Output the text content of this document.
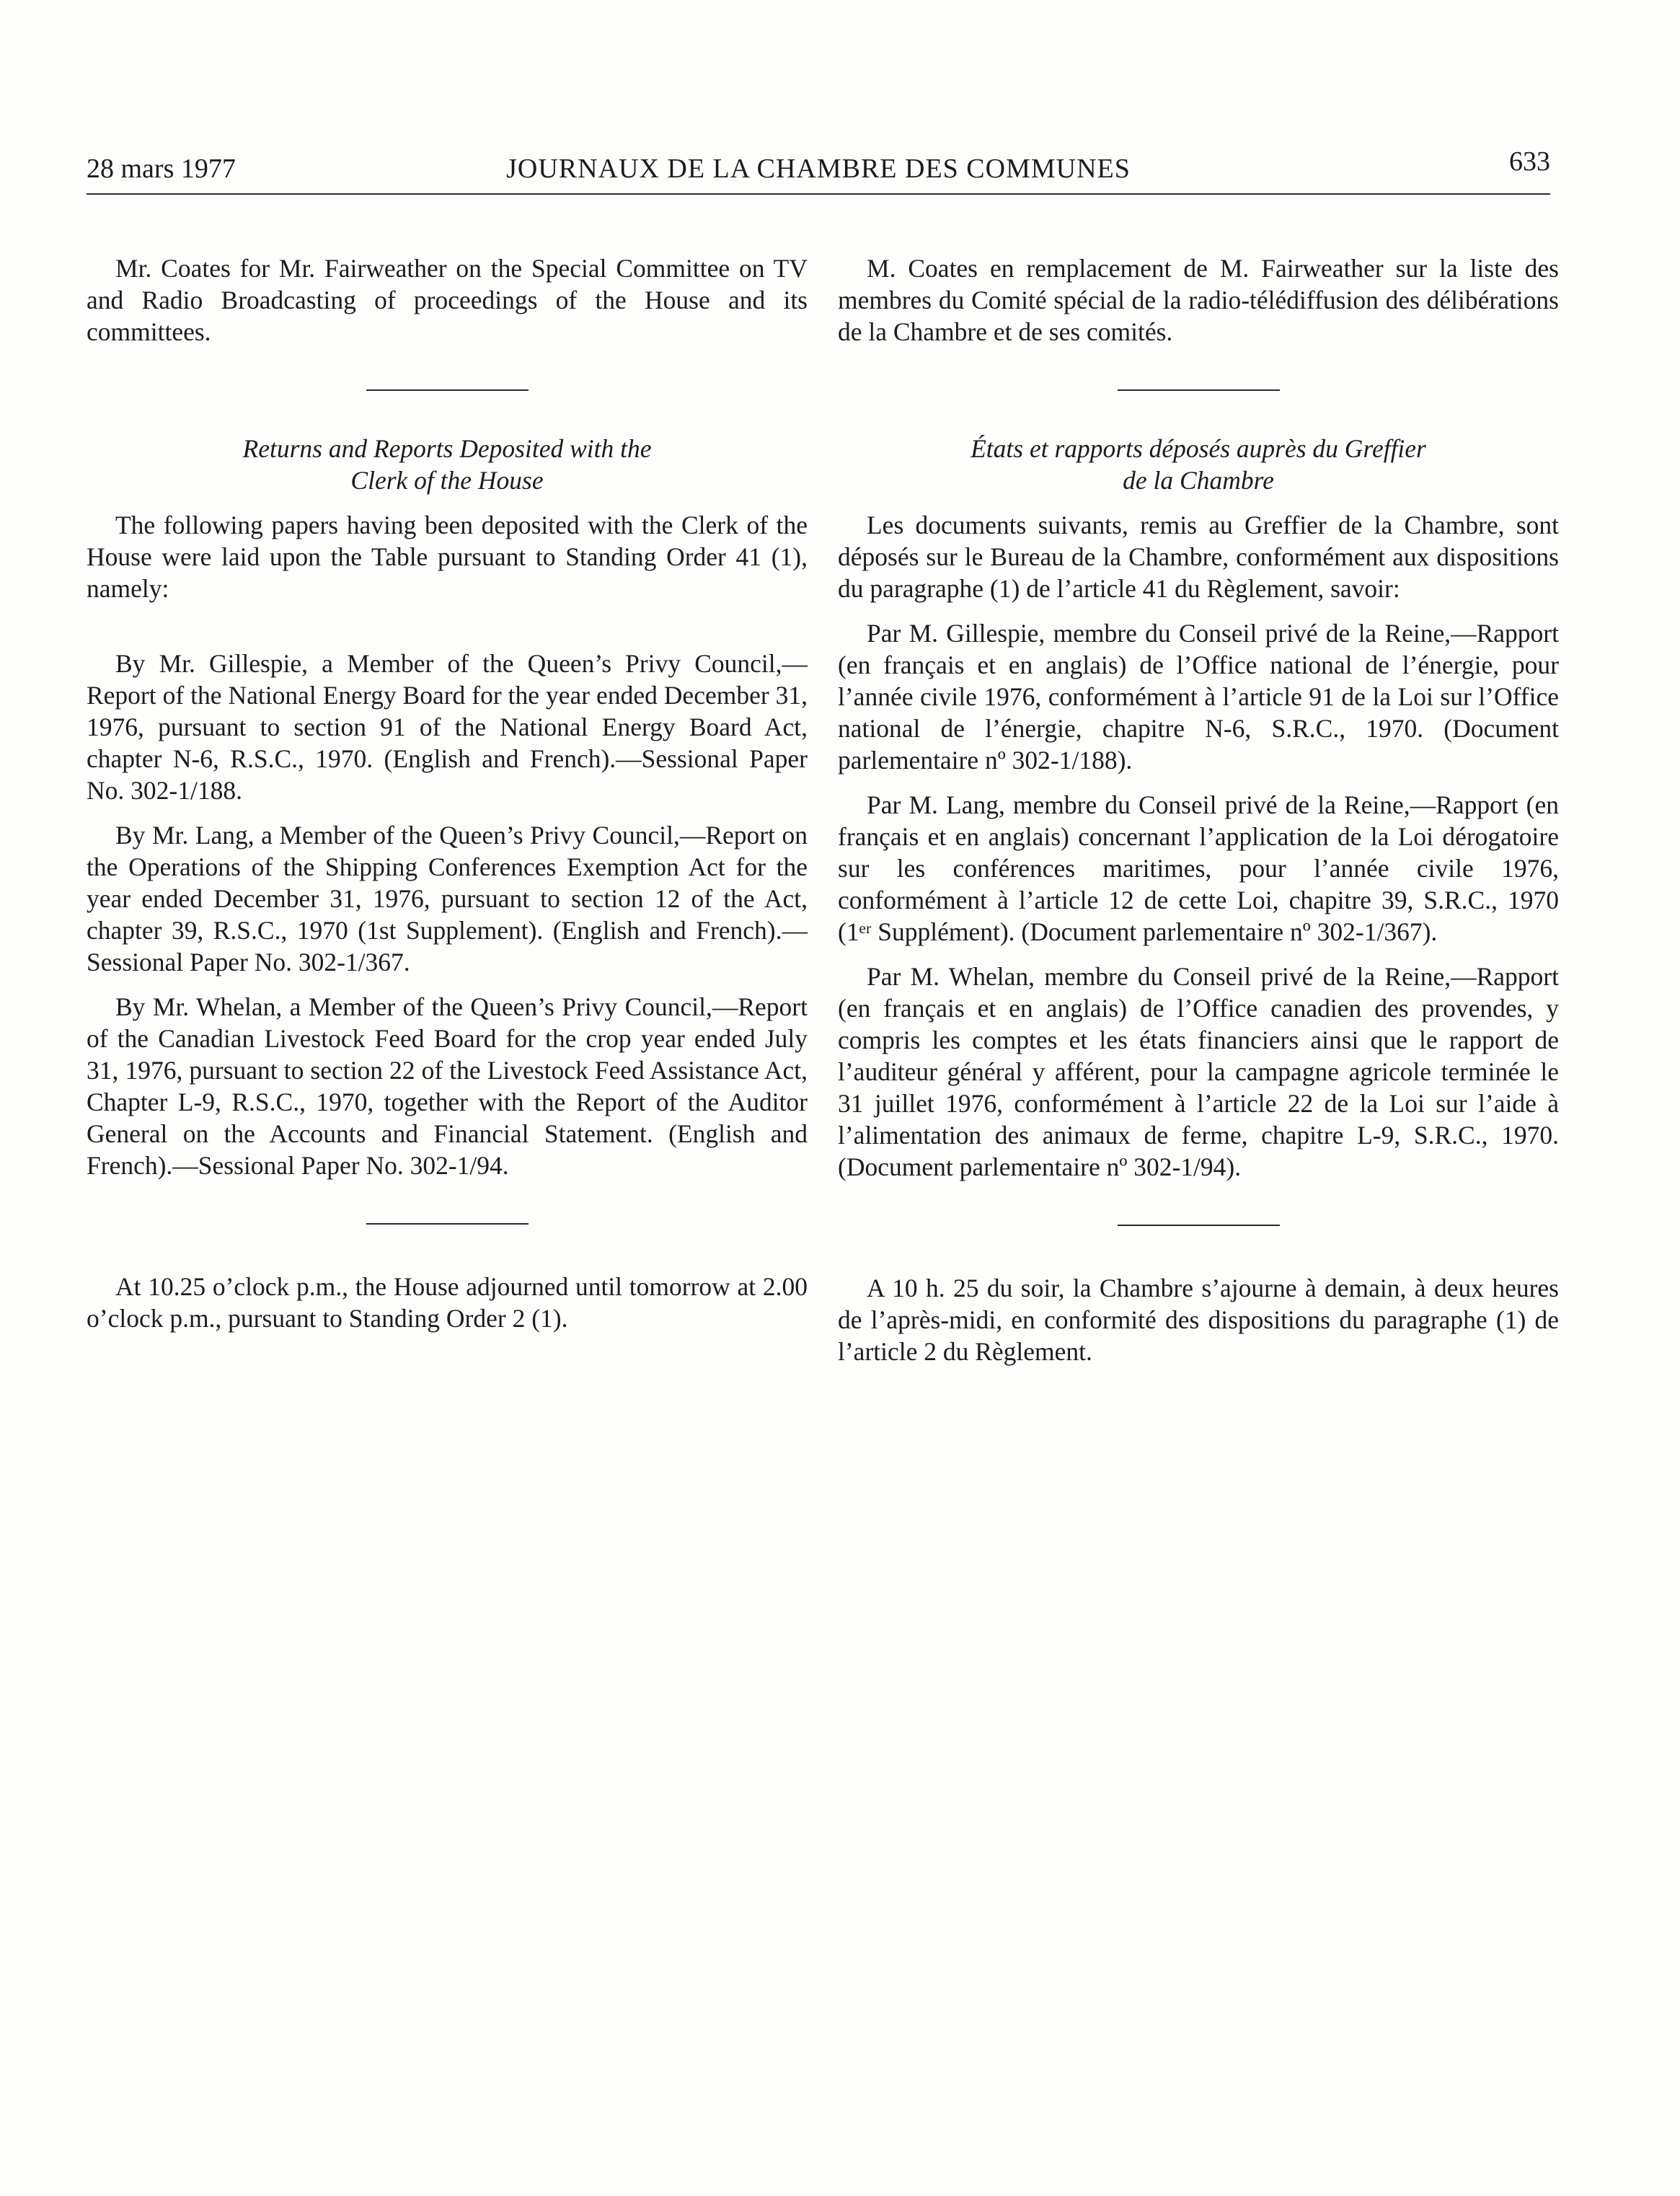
28 mars 1977	JOURNAUX DE LA CHAMBRE DES COMMUNES	633

Mr. Coates for Mr. Fairweather on the Special Committee on TV and Radio Broadcasting of proceedings of the House and its committees.

Returns and Reports Deposited with the
Clerk of the House

The following papers having been deposited with the Clerk of the House were laid upon the Table pursuant to Standing Order 41 (1), namely:

By Mr. Gillespie, a Member of the Queen’s Privy Council,—Report of the National Energy Board for the year ended December 31, 1976, pursuant to section 91 of the National Energy Board Act, chapter N-6, R.S.C., 1970. (English and French).—Sessional Paper No. 302-1/188.

By Mr. Lang, a Member of the Queen’s Privy Council,—Report on the Operations of the Shipping Conferences Exemption Act for the year ended December 31, 1976, pursuant to section 12 of the Act, chapter 39, R.S.C., 1970 (1st Supplement). (English and French).—Sessional Paper No. 302-1/367.

By Mr. Whelan, a Member of the Queen’s Privy Council,—Report of the Canadian Livestock Feed Board for the crop year ended July 31, 1976, pursuant to section 22 of the Livestock Feed Assistance Act, Chapter L-9, R.S.C., 1970, together with the Report of the Auditor General on the Accounts and Financial Statement. (English and French).—Sessional Paper No. 302-1/94.

At 10.25 o’clock p.m., the House adjourned until tomorrow at 2.00 o’clock p.m., pursuant to Standing Order 2 (1).

M. Coates en remplacement de M. Fairweather sur la liste des membres du Comité spécial de la radio-télédiffusion des délibérations de la Chambre et de ses comités.

États et rapports déposés auprès du Greffier
de la Chambre

Les documents suivants, remis au Greffier de la Chambre, sont déposés sur le Bureau de la Chambre, conformément aux dispositions du paragraphe (1) de l’article 41 du Règlement, savoir:

Par M. Gillespie, membre du Conseil privé de la Reine,—Rapport (en français et en anglais) de l’Office national de l’énergie, pour l’année civile 1976, conformément à l’article 91 de la Loi sur l’Office national de l’énergie, chapitre N-6, S.R.C., 1970. (Document parlementaire nº 302-1/188).

Par M. Lang, membre du Conseil privé de la Reine,—Rapport (en français et en anglais) concernant l’application de la Loi dérogatoire sur les conférences maritimes, pour l’année civile 1976, conformément à l’article 12 de cette Loi, chapitre 39, S.R.C., 1970 (1ᵉʳ Supplément). (Document parlementaire nº 302-1/367).

Par M. Whelan, membre du Conseil privé de la Reine,—Rapport (en français et en anglais) de l’Office canadien des provendes, y compris les comptes et les états financiers ainsi que le rapport de l’auditeur général y afférent, pour la campagne agricole terminée le 31 juillet 1976, conformément à l’article 22 de la Loi sur l’aide à l’alimentation des animaux de ferme, chapitre L-9, S.R.C., 1970. (Document parlementaire nº 302-1/94).

A 10 h. 25 du soir, la Chambre s’ajourne à demain, à deux heures de l’après-midi, en conformité des dispositions du paragraphe (1) de l’article 2 du Règlement.
